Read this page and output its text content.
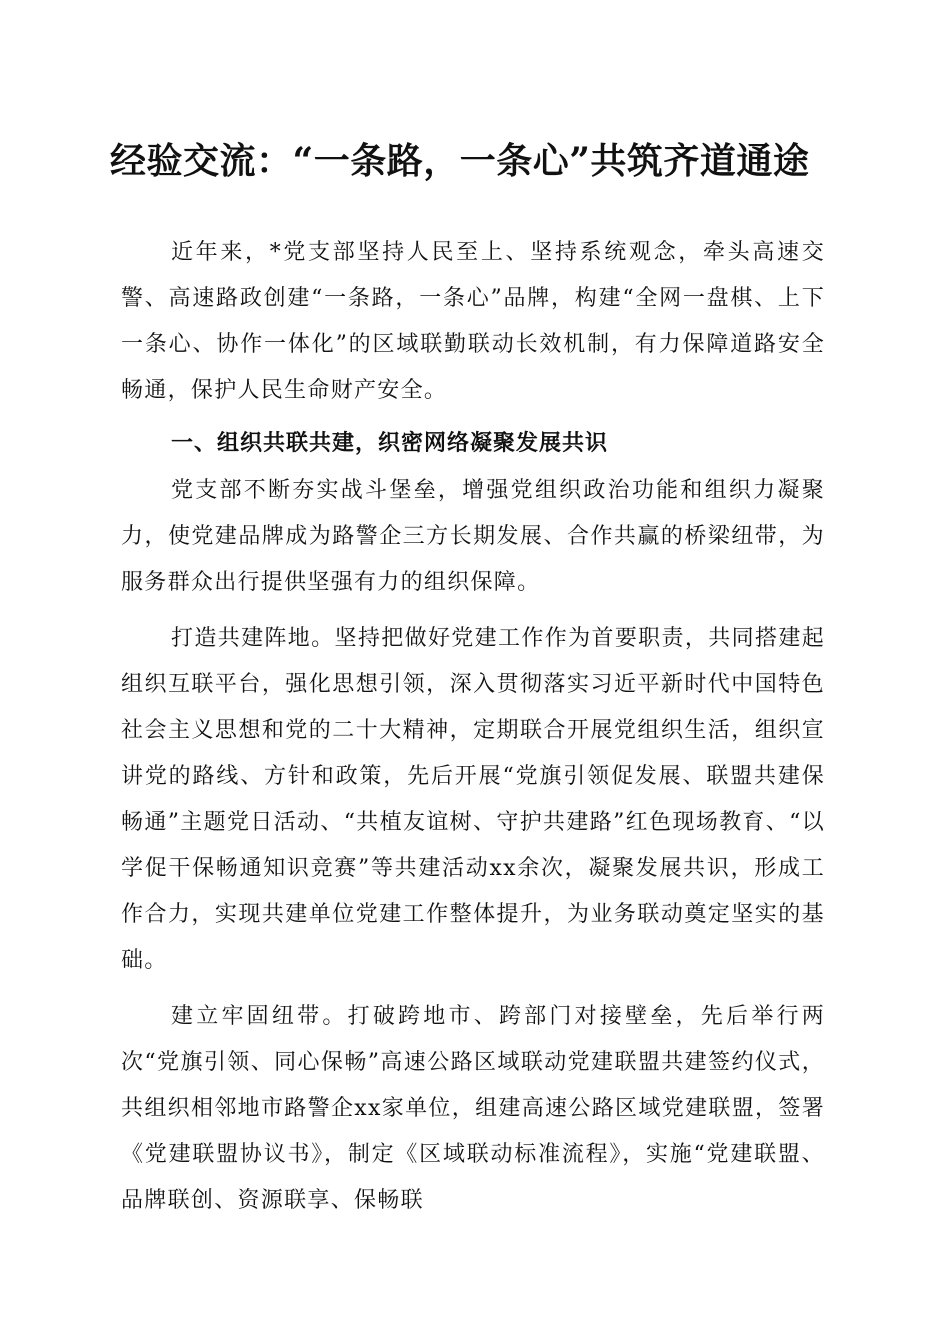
经验交流：“一条路，一条心”共筑齐道通途

近年来，*党支部坚持人民至上、坚持系统观念，牵头高速交警、高速路政创建“一条路，一条心”品牌，构建“全网一盘棋、上下一条心、协作一体化”的区域联勤联动长效机制，有力保障道路安全畅通，保护人民生命财产安全。

一、组织共联共建，织密网络凝聚发展共识

党支部不断夯实战斗堡垒，增强党组织政治功能和组织力凝聚力，使党建品牌成为路警企三方长期发展、合作共赢的桥梁纽带，为服务群众出行提供坚强有力的组织保障。

打造共建阵地。坚持把做好党建工作作为首要职责，共同搭建起组织互联平台，强化思想引领，深入贯彻落实习近平新时代中国特色社会主义思想和党的二十大精神，定期联合开展党组织生活，组织宣讲党的路线、方针和政策，先后开展“党旗引领促发展、联盟共建保畅通”主题党日活动、“共植友谊树、守护共建路”红色现场教育、“以学促干保畅通知识竞赛”等共建活动xx余次，凝聚发展共识，形成工作合力，实现共建单位党建工作整体提升，为业务联动奠定坚实的基础。

建立牢固纽带。打破跨地市、跨部门对接壁垒，先后举行两次“党旗引领、同心保畅”高速公路区域联动党建联盟共建签约仪式，共组织相邻地市路警企xx家单位，组建高速公路区域党建联盟，签署《党建联盟协议书》，制定《区域联动标准流程》，实施“党建联盟、品牌联创、资源联享、保畅联
